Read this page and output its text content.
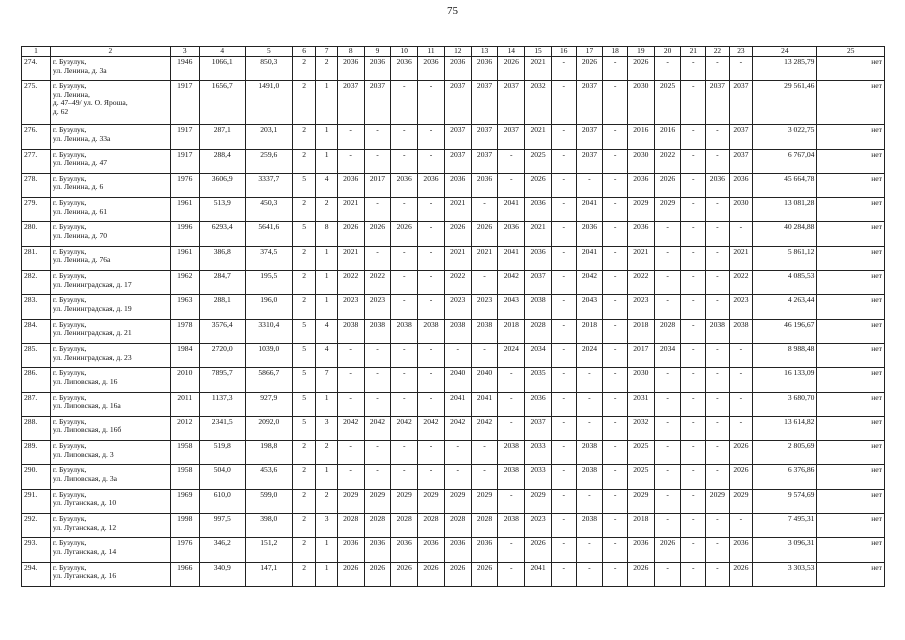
75
1	2	3	4	5	6	7	8	9	10	11	12	13	14	15	16	17	18	19	20	21	22	23	24	25
274.	г. Бузулук,
ул. Ленина, д. 3а	1946	1066,1	850,3	2	2	2036	2036	2036	2036	2036	2036	2026	2021	-	2026	-	2026	-	-	-	-	13 285,79	нет
275.	г. Бузулук,
ул. Ленина,
д. 47–49/ ул. О. Яроша,
д. 62	1917	1656,7	1491,0	2	1	2037	2037	-	-	2037	2037	2037	2032	-	2037	-	2030	2025	-	2037	2037	29 561,46	нет
276.	г. Бузулук,
ул. Ленина, д. 33а	1917	287,1	203,1	2	1	-	-	-	-	2037	2037	2037	2021	-	2037	-	2016	2016	-	-	2037	3 022,75	нет
277.	г. Бузулук,
ул. Ленина, д. 47	1917	288,4	259,6	2	1	-	-	-	-	2037	2037	-	2025	-	2037	-	2030	2022	-	-	2037	6 767,04	нет
278.	г. Бузулук,
ул. Ленина, д. 6	1976	3606,9	3337,7	5	4	2036	2017	2036	2036	2036	2036	-	2026	-	-	-	2036	2026	-	2036	2036	45 664,78	нет
279.	г. Бузулук,
ул. Ленина, д. 61	1961	513,9	450,3	2	2	2021	-	-	-	2021	-	2041	2036	-	2041	-	2029	2029	-	-	2030	13 081,28	нет
280.	г. Бузулук,
ул. Ленина, д. 70	1996	6293,4	5641,6	5	8	2026	2026	2026	-	2026	2026	2036	2021	-	2036	-	2036	-	-	-	-	40 284,88	нет
281.	г. Бузулук,
ул. Ленина, д. 76а	1961	386,8	374,5	2	1	2021	-	-	-	2021	2021	2041	2036	-	2041	-	2021	-	-	-	2021	5 861,12	нет
282.	г. Бузулук,
ул. Ленинградская, д. 17	1962	284,7	195,5	2	1	2022	2022	-	-	2022	-	2042	2037	-	2042	-	2022	-	-	-	2022	4 085,53	нет
283.	г. Бузулук,
ул. Ленинградская, д. 19	1963	288,1	196,0	2	1	2023	2023	-	-	2023	2023	2043	2038	-	2043	-	2023	-	-	-	2023	4 263,44	нет
284.	г. Бузулук,
ул. Ленинградская, д. 21	1978	3576,4	3310,4	5	4	2038	2038	2038	2038	2038	2038	2018	2028	-	2018	-	2018	2028	-	2038	2038	46 196,67	нет
285.	г. Бузулук,
ул. Ленинградская, д. 23	1984	2720,0	1039,0	5	4	-	-	-	-	-	-	2024	2034	-	2024	-	2017	2034	-	-	-	8 988,48	нет
286.	г. Бузулук,
ул. Липовская, д. 16	2010	7895,7	5866,7	5	7	-	-	-	-	2040	2040	-	2035	-	-	-	2030	-	-	-	-	16 133,09	нет
287.	г. Бузулук,
ул. Липовская, д. 16а	2011	1137,3	927,9	5	1	-	-	-	-	2041	2041	-	2036	-	-	-	2031	-	-	-	-	3 680,70	нет
288.	г. Бузулук,
ул. Липовская, д. 16б	2012	2341,5	2092,0	5	3	2042	2042	2042	2042	2042	2042	-	2037	-	-	-	2032	-	-	-	-	13 614,82	нет
289.	г. Бузулук,
ул. Липовская, д. 3	1958	519,8	198,8	2	2	-	-	-	-	-	-	2038	2033	-	2038	-	2025	-	-	-	2026	2 805,69	нет
290.	г. Бузулук,
ул. Липовская, д. 3а	1958	504,0	453,6	2	1	-	-	-	-	-	-	2038	2033	-	2038	-	2025	-	-	-	2026	6 376,86	нет
291.	г. Бузулук,
ул. Луганская, д. 10	1969	610,0	599,0	2	2	2029	2029	2029	2029	2029	2029	-	2029	-	-	-	2029	-	-	2029	2029	9 574,69	нет
292.	г. Бузулук,
ул. Луганская, д. 12	1998	997,5	398,0	2	3	2028	2028	2028	2028	2028	2028	2038	2023	-	2038	-	2018	-	-	-	-	7 495,31	нет
293.	г. Бузулук,
ул. Луганская, д. 14	1976	346,2	151,2	2	1	2036	2036	2036	2036	2036	2036	-	2026	-	-	-	2036	2026	-	-	2036	3 096,31	нет
294.	г. Бузулук,
ул. Луганская, д. 16	1966	340,9	147,1	2	1	2026	2026	2026	2026	2026	2026	-	2041	-	-	-	2026	-	-	-	2026	3 303,53	нет
